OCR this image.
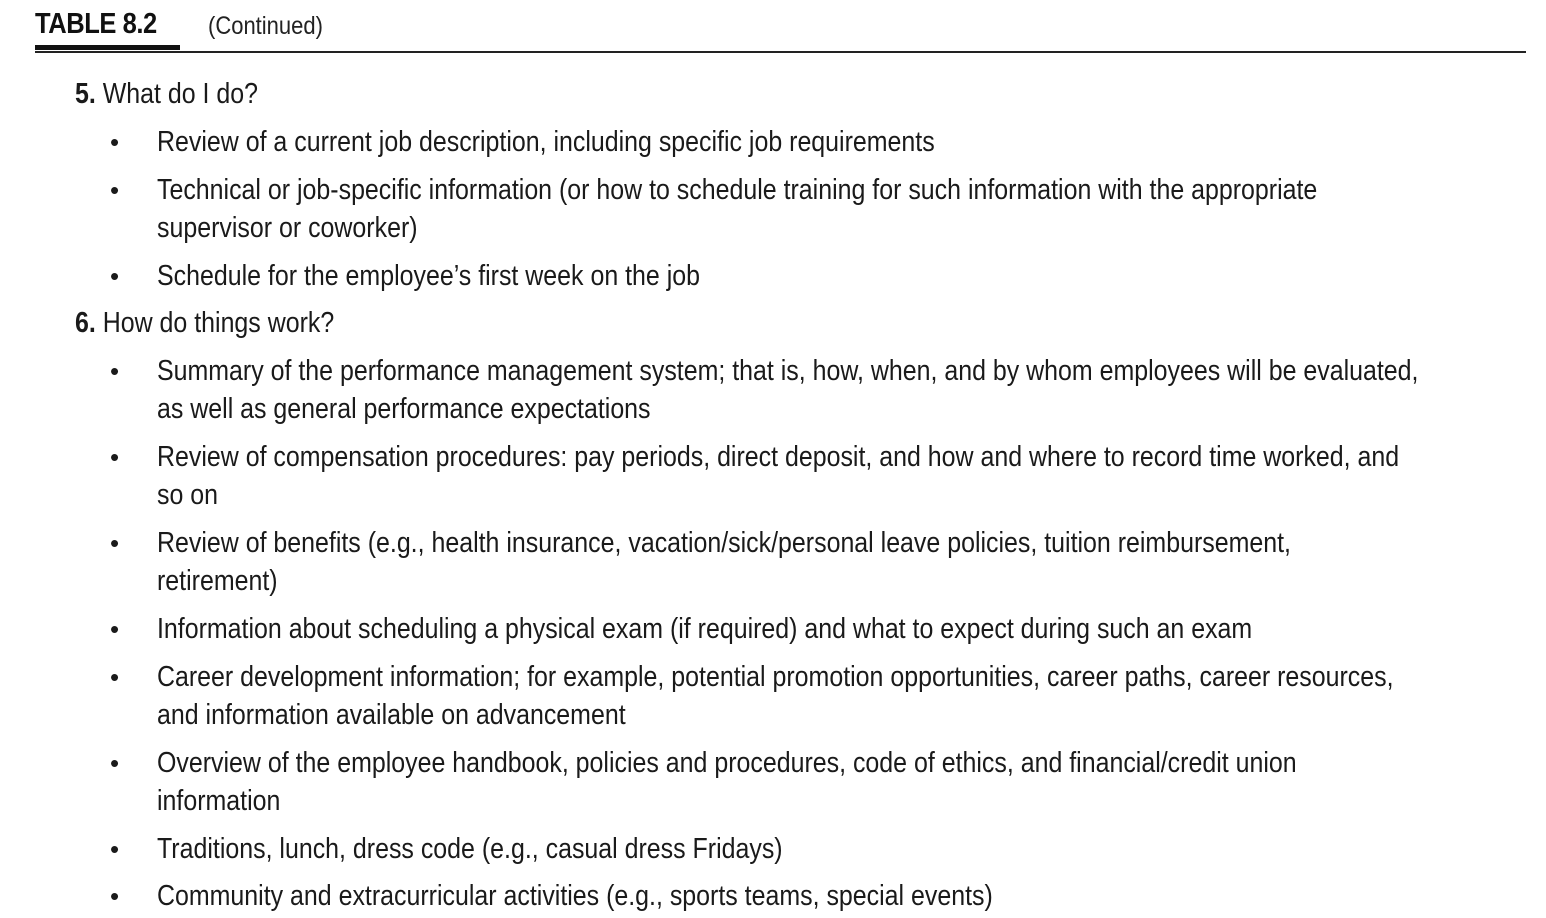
TABLE 8.2 (Continued)
5. What do I do?
• Review of a current job description, including specific job requirements
• Technical or job-specific information (or how to schedule training for such information with the appropriate
supervisor or coworker)
• Schedule for the employee’s first week on the job
6. How do things work?
• Summary of the performance management system; that is, how, when, and by whom employees will be evaluated,
as well as general performance expectations
• Review of compensation procedures: pay periods, direct deposit, and how and where to record time worked, and
so on
• Review of benefits (e.g., health insurance, vacation/sick/personal leave policies, tuition reimbursement,
retirement)
• Information about scheduling a physical exam (if required) and what to expect during such an exam
• Career development information; for example, potential promotion opportunities, career paths, career resources,
and information available on advancement
• Overview of the employee handbook, policies and procedures, code of ethics, and financial/credit union
information
• Traditions, lunch, dress code (e.g., casual dress Fridays)
• Community and extracurricular activities (e.g., sports teams, special events)
